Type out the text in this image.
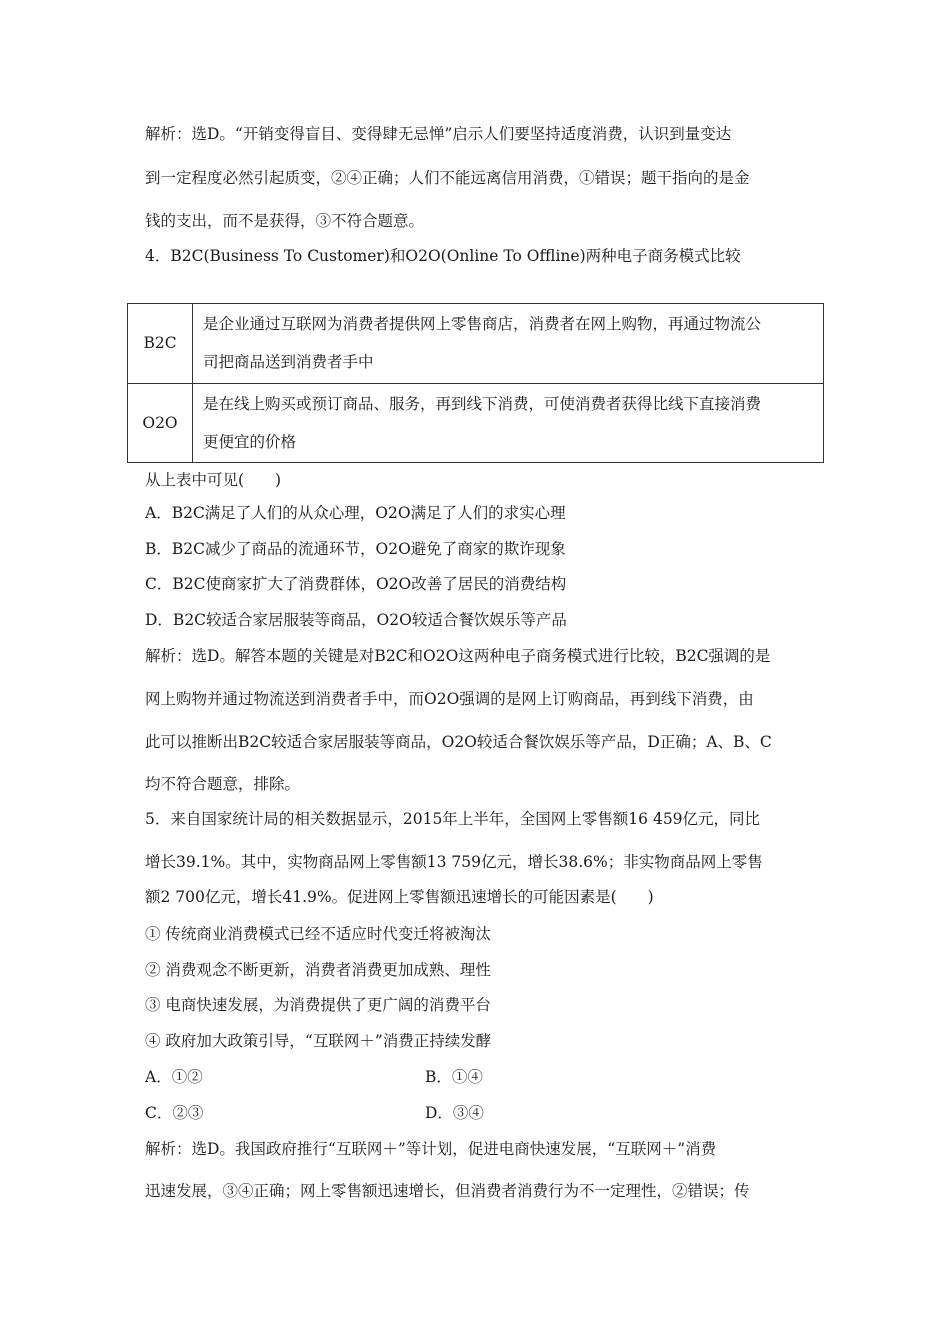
解析：选D。“开销变得盲目、变得肆无忌惮”启示人们要坚持适度消费，认识到量变达
到一定程度必然引起质变，②④正确；人们不能远离信用消费，①错误；题干指向的是金
钱的支出，而不是获得，③不符合题意。
4．B2C(Business To Customer)和O2O(Online To Offline)两种电子商务模式比较
B2C	是企业通过互联网为消费者提供网上零售商店，消费者在网上购物，再通过物流公
司把商品送到消费者手中

O2O	是在线上购买或预订商品、服务，再到线下消费，可使消费者获得比线下直接消费
更便宜的价格
从上表中可见(　　)
A．B2C满足了人们的从众心理，O2O满足了人们的求实心理
B．B2C减少了商品的流通环节，O2O避免了商家的欺诈现象
C．B2C使商家扩大了消费群体，O2O改善了居民的消费结构
D．B2C较适合家居服装等商品，O2O较适合餐饮娱乐等产品
解析：选D。解答本题的关键是对B2C和O2O这两种电子商务模式进行比较，B2C强调的是
网上购物并通过物流送到消费者手中，而O2O强调的是网上订购商品，再到线下消费，由
此可以推断出B2C较适合家居服装等商品，O2O较适合餐饮娱乐等产品，D正确；A、B、C
均不符合题意，排除。
5．来自国家统计局的相关数据显示，2015年上半年，全国网上零售额16 459亿元，同比
增长39.1%。其中，实物商品网上零售额13 759亿元，增长38.6%；非实物商品网上零售
额2 700亿元，增长41.9%。促进网上零售额迅速增长的可能因素是(　　)
① 传统商业消费模式已经不适应时代变迁将被淘汰
② 消费观念不断更新，消费者消费更加成熟、理性
③ 电商快速发展，为消费提供了更广阔的消费平台
④ 政府加大政策引导，“互联网＋”消费正持续发酵
A．①②	B．①④
C．②③	D．③④
解析：选D。我国政府推行“互联网＋”等计划，促进电商快速发展，“互联网＋”消费
迅速发展，③④正确；网上零售额迅速增长，但消费者消费行为不一定理性，②错误；传
